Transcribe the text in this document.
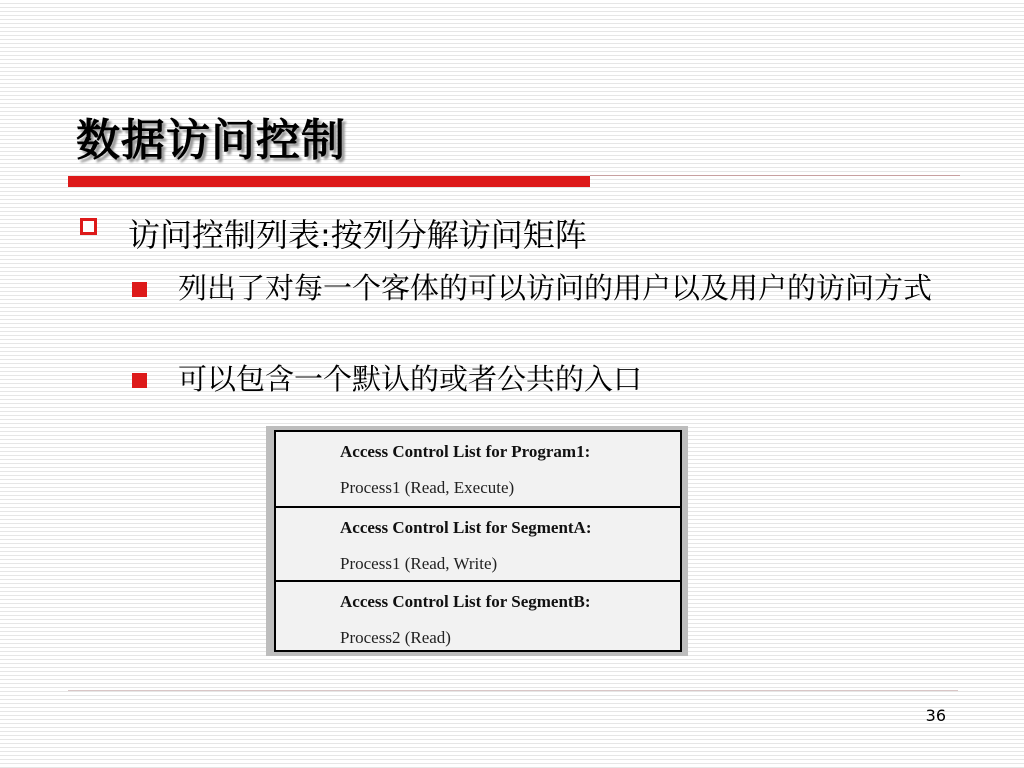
数据访问控制
访问控制列表:按列分解访问矩阵
列出了对每一个客体的可以访问的用户以及用户的访问方式
可以包含一个默认的或者公共的入口
Access Control List for Program1:
Process1 (Read, Execute)
Access Control List for SegmentA:
Process1 (Read, Write)
Access Control List for SegmentB:
Process2 (Read)
36
